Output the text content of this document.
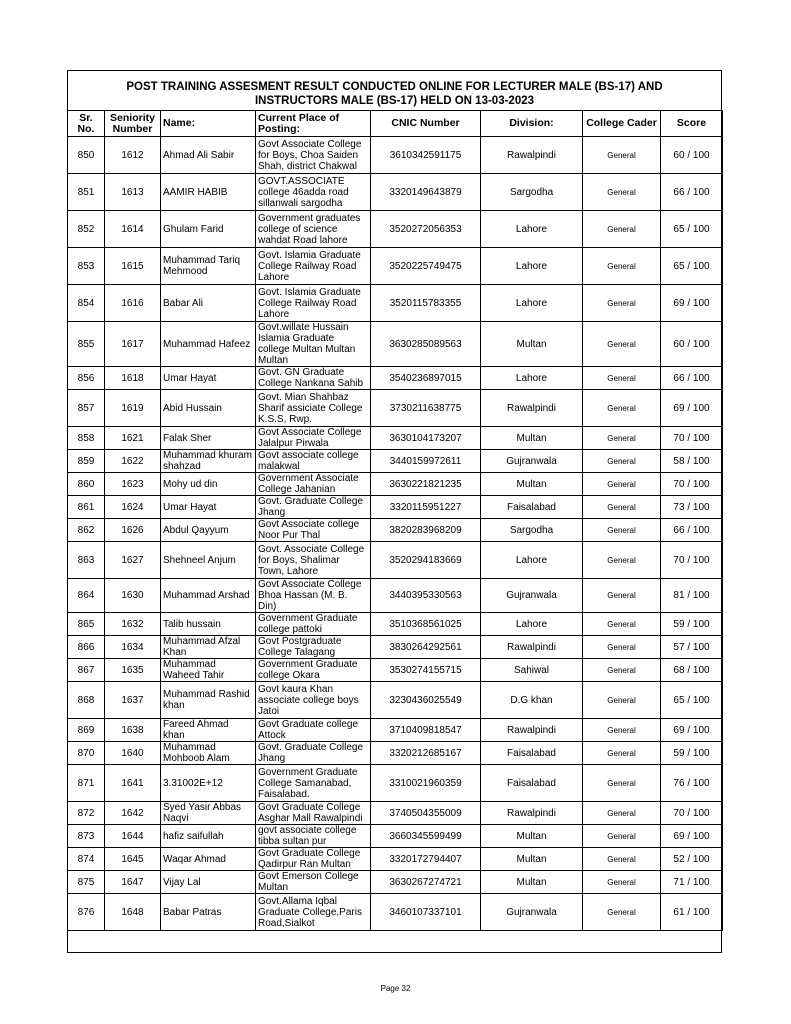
POST TRAINING ASSESMENT RESULT CONDUCTED ONLINE FOR LECTURER MALE (BS-17) AND
INSTRUCTORS MALE (BS-17) HELD ON 13-03-2023
Sr. No.	Seniority Number	Name:	Current Place of Posting:	CNIC Number	Division:	College Cader	Score
850	1612	Ahmad Ali Sabir	Govt Associate College for Boys, Choa Saiden Shah, district Chakwal	3610342591175	Rawalpindi	General	60 / 100
851	1613	AAMIR HABIB	GOVT.ASSOCIATE college 46adda road sillanwali sargodha	3320149643879	Sargodha	General	66 / 100
852	1614	Ghulam Farid	Government graduates college of science wahdat Road lahore	3520272056353	Lahore	General	65 / 100
853	1615	Muhammad Tariq Mehmood	Govt. Islamia Graduate College Railway Road Lahore	3520225749475	Lahore	General	65 / 100
854	1616	Babar Ali	Govt. Islamia Graduate College Railway Road Lahore	3520115783355	Lahore	General	69 / 100
855	1617	Muhammad Hafeez	Govt.willate Hussain Islamia Graduate college Multan Multan Multan	3630285089563	Multan	General	60 / 100
856	1618	Umar Hayat	Govt. GN Graduate College Nankana Sahib	3540236897015	Lahore	General	66 / 100
857	1619	Abid Hussain	Govt. Mian Shahbaz Sharif assiciate College K.S.S, Rwp.	3730211638775	Rawalpindi	General	69 / 100
858	1621	Falak Sher	Govt Associate College Jalalpur Pirwala	3630104173207	Multan	General	70 / 100
859	1622	Muhammad khuram shahzad	Govt associate college malakwal	3440159972611	Gujranwala	General	58 / 100
860	1623	Mohy ud din	Government Associate College Jahanian	3630221821235	Multan	General	70 / 100
861	1624	Umar Hayat	Govt. Graduate College Jhang	3320115951227	Faisalabad	General	73 / 100
862	1626	Abdul Qayyum	Govt Associate college Noor Pur Thal	3820283968209	Sargodha	General	66 / 100
863	1627	Shehneel Anjum	Govt. Associate College for Boys, Shalimar Town, Lahore	3520294183669	Lahore	General	70 / 100
864	1630	Muhammad Arshad	Govt Associate College Bhoa Hassan (M. B. Din)	3440395330563	Gujranwala	General	81 / 100
865	1632	Talib hussain	Government Graduate college pattoki	3510368561025	Lahore	General	59 / 100
866	1634	Muhammad Afzal Khan	Govt Postgraduate College Talagang	3830264292561	Rawalpindi	General	57 / 100
867	1635	Muhammad Waheed Tahir	Government Graduate college Okara	3530274155715	Sahiwal	General	68 / 100
868	1637	Muhammad Rashid khan	Govt kaura Khan associate college boys Jatoi	3230436025549	D.G khan	General	65 / 100
869	1638	Fareed Ahmad khan	Govt Graduate college Attock	3710409818547	Rawalpindi	General	69 / 100
870	1640	Muhammad Mohboob Alam	Govt. Graduate College Jhang	3320212685167	Faisalabad	General	59 / 100
871	1641	3.31002E+12	Government Graduate College Samanabad, Faisalabad.	3310021960359	Faisalabad	General	76 / 100
872	1642	Syed Yasir Abbas Naqvi	Govt Graduate College Asghar Mall Rawalpindi	3740504355009	Rawalpindi	General	70 / 100
873	1644	hafiz saifullah	govt associate college tibba sultan pur	3660345599499	Multan	General	69 / 100
874	1645	Waqar Ahmad	Govt Graduate College Qadirpur Ran Multan	3320172794407	Multan	General	52 / 100
875	1647	Vijay Lal	Govt Emerson College Multan	3630267274721	Multan	General	71 / 100
876	1648	Babar Patras	Govt.Allama Iqbal Graduate College,Paris Road,Sialkot	3460107337101	Gujranwala	General	61 / 100
Page 32
